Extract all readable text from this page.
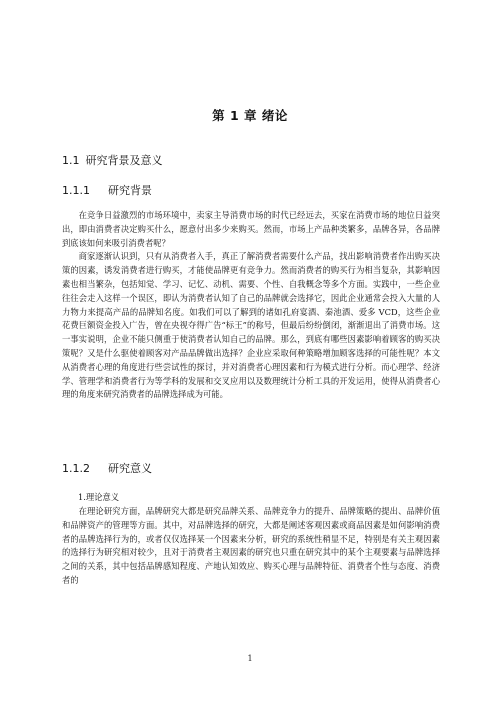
第 1 章 绪论
1.1 研究背景及意义
1.1.1 研究背景

在竞争日益激烈的市场环境中，卖家主导消费市场的时代已经远去，买家在消费市场的地位日益突出，即由消费者决定购买什么，愿意付出多少来购买。然而，市场上产品种类繁多，品牌各异，各品牌到底该如何来吸引消费者呢？

商家逐渐认识到，只有从消费者入手，真正了解消费者需要什么产品，找出影响消费者作出购买决策的因素，诱发消费者进行购买，才能使品牌更有竞争力。然而消费者的购买行为相当复杂，其影响因素也相当繁杂，包括知觉、学习、记忆、动机、需要、个性、自我概念等多个方面。实践中，一些企业往往会走入这样一个误区，即认为消费者认知了自己的品牌就会选择它，因此企业通常会投入大量的人力物力来提高产品的品牌知名度。如我们可以了解到的诸如孔府宴酒、秦池酒、爱多 VCD，这些企业花费巨额资金投入广告，曾在央视夺得广告“标王”的称号，但最后纷纷倒闭，渐渐退出了消费市场。这一事实说明，企业不能只侧重于使消费者认知自己的品牌。那么，到底有哪些因素影响着顾客的购买决策呢？又是什么驱使着顾客对产品品牌做出选择？企业应采取何种策略增加顾客选择的可能性呢？本文从消费者心理的角度进行些尝试性的探讨，并对消费者心理因素和行为模式进行分析。而心理学、经济学、管理学和消费者行为等学科的发展和交叉应用以及数理统计分析工具的开发运用，使得从消费者心理的角度来研究消费者的品牌选择成为可能。

1.1.2 研究意义
1.理论意义

在理论研究方面，品牌研究大都是研究品牌关系、品牌竞争力的提升、品牌策略的提出、品牌价值和品牌资产的管理等方面。其中，对品牌选择的研究，大都是阐述客观因素或商品因素是如何影响消费者的品牌选择行为的，或者仅仅选择某一个因素来分析，研究的系统性稍显不足，特别是有关主观因素的选择行为研究相对较少，且对于消费者主观因素的研究也只重在研究其中的某个主观要素与品牌选择之间的关系，其中包括品牌感知程度、产地认知效应、购买心理与品牌特征、消费者个性与态度、消费者的

1
